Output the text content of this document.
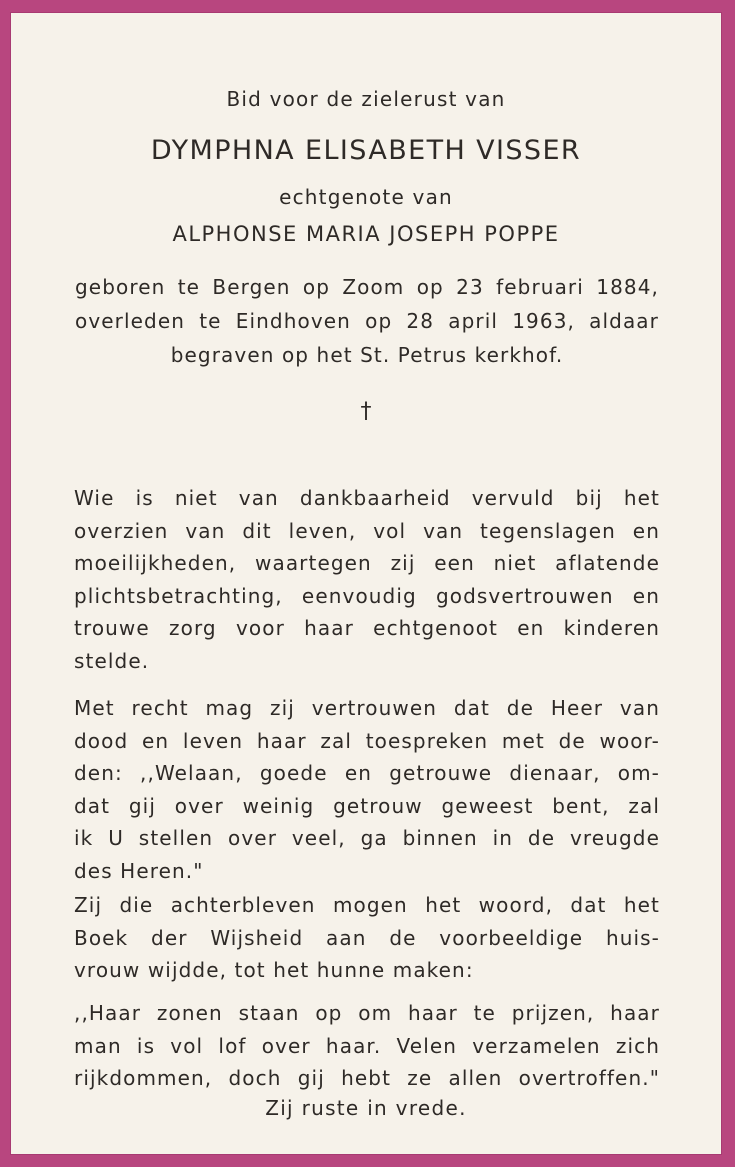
Bid voor de zielerust van
DYMPHNA ELISABETH VISSER
echtgenote van
ALPHONSE MARIA JOSEPH POPPE
geboren te Bergen op Zoom op 23 februari 1884,
overleden te Eindhoven op 28 april 1963, aldaar
begraven op het St. Petrus kerkhof.
†
Wie is niet van dankbaarheid vervuld bij het
overzien van dit leven, vol van tegenslagen en
moeilijkheden, waartegen zij een niet aflatende
plichtsbetrachting, eenvoudig godsvertrouwen en
trouwe zorg voor haar echtgenoot en kinderen
stelde.
Met recht mag zij vertrouwen dat de Heer van
dood en leven haar zal toespreken met de woor-
den: ,,Welaan, goede en getrouwe dienaar, om-
dat gij over weinig getrouw geweest bent, zal
ik U stellen over veel, ga binnen in de vreugde
des Heren."
Zij die achterbleven mogen het woord, dat het
Boek der Wijsheid aan de voorbeeldige huis-
vrouw wijdde, tot het hunne maken:
,,Haar zonen staan op om haar te prijzen, haar
man is vol lof over haar. Velen verzamelen zich
rijkdommen, doch gij hebt ze allen overtroffen."
Zij ruste in vrede.
